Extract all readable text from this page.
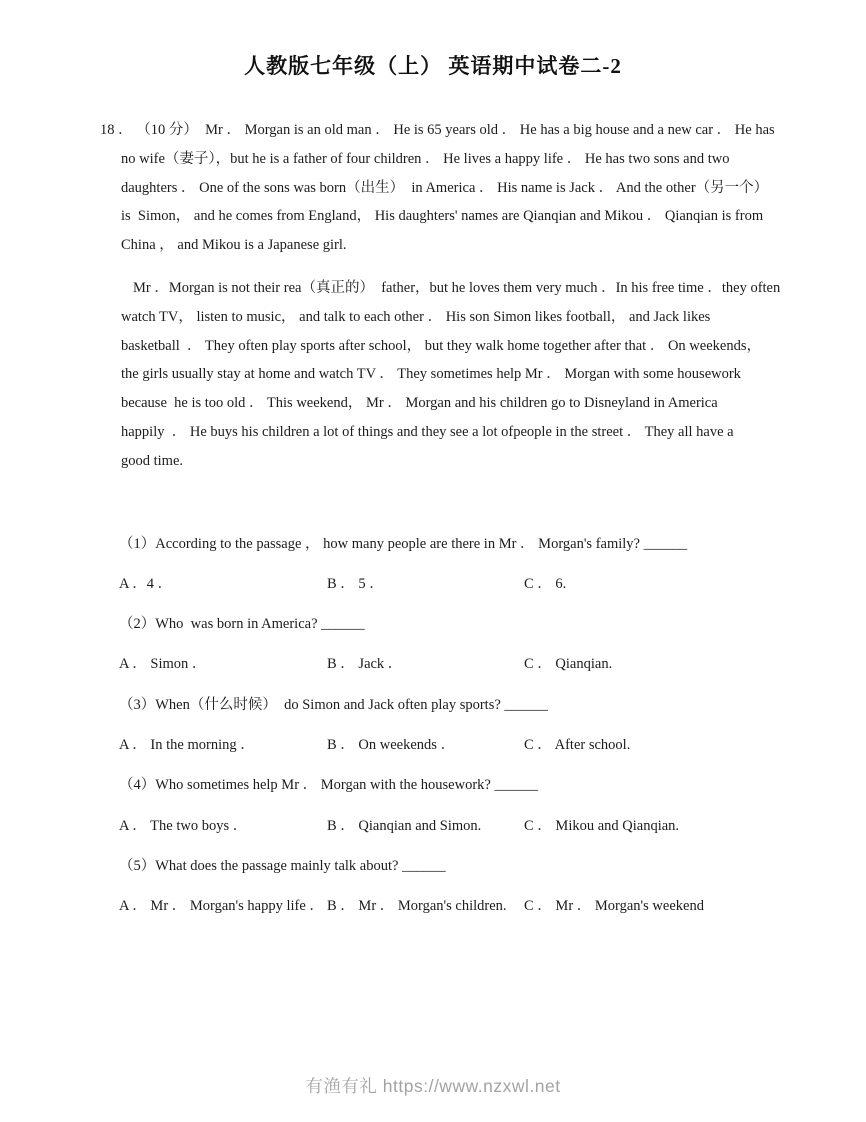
人教版七年级（上） 英语期中试卷二-2
18 ． （10 分）  Mr ． Morgan is an old man ． He is 65 years old ． He has a big house and a new car ． He has
no wife（妻子），but he is a father of four children ． He lives a happy life ． He has two sons and two
daughters ． One of the sons was born（出生）  in America ． His name is Jack ． And the other（另一个）
is  Simon， and he comes from England， His daughters' names are Qianqian and Mikou ． Qianqian is from
China ， and Mikou is a Japanese girl.
Mr ．Morgan is not their rea（真正的）  father，but he loves them very much ．In his free time ．they often
watch TV， listen to music， and talk to each other ． His son Simon likes football， and Jack likes
basketball  ． They often play sports after school， but they walk home together after that ． On weekends，
the girls usually stay at home and watch TV ． They sometimes help Mr ． Morgan with some housework
because  he is too old ． This weekend， Mr ． Morgan and his children go to Disneyland in America
happily  ． He buys his children a lot of things and they see a lot ofpeople in the street ． They all have a
good time.
（1）According to the passage ， how many people are there in Mr ． Morgan's family? ______
A ．4 ．	B ． 5 ．	C ． 6.
（2）Who  was born in America? ______
A ． Simon ．	B ． Jack ．	C ． Qianqian.
（3）When（什么时候）  do Simon and Jack often play sports? ______
A ． In the morning ．	B ． On weekends ．	C ． After school.
（4）Who sometimes help Mr ． Morgan with the housework? ______
A ． The two boys ．	B ． Qianqian and Simon.	C ． Mikou and Qianqian.
（5）What does the passage mainly talk about? ______
A ． Mr ． Morgan's happy life ． B ． Mr ． Morgan's children.	C ． Mr ． Morgan's weekend
有渔有礼 https://www.nzxwl.net
